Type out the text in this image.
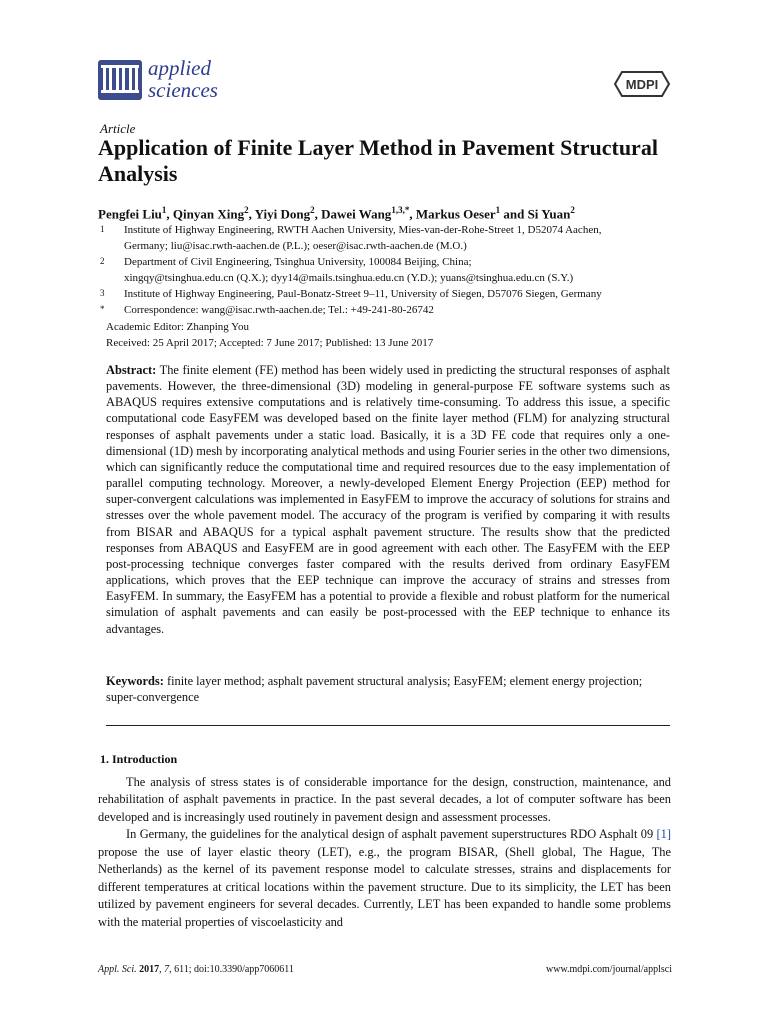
applied
sciences	MDPI
Article
Application of Finite Layer Method in Pavement Structural Analysis
Pengfei Liu$^1$, Qinyan Xing$^2$, Yiyi Dong$^2$, Dawei Wang$^{1,3,*}$, Markus Oeser$^1$ and Si Yuan$^2$
1	Institute of Highway Engineering, RWTH Aachen University, Mies-van-der-Rohe-Street 1, D52074 Aachen,
Germany; liu@isac.rwth-aachen.de (P.L.); oeser@isac.rwth-aachen.de (M.O.)
2	Department of Civil Engineering, Tsinghua University, 100084 Beijing, China;
xingqy@tsinghua.edu.cn (Q.X.); dyy14@mails.tsinghua.edu.cn (Y.D.); yuans@tsinghua.edu.cn (S.Y.)
3	Institute of Highway Engineering, Paul-Bonatz-Street 9–11, University of Siegen, D57076 Siegen, Germany
*	Correspondence: wang@isac.rwth-aachen.de; Tel.: +49-241-80-26742
Academic Editor: Zhanping You
Received: 25 April 2017; Accepted: 7 June 2017; Published: 13 June 2017
Abstract: The finite element (FE) method has been widely used in predicting the structural responses of asphalt pavements. However, the three-dimensional (3D) modeling in general-purpose FE software systems such as ABAQUS requires extensive computations and is relatively time-consuming. To address this issue, a specific computational code EasyFEM was developed based on the finite layer method (FLM) for analyzing structural responses of asphalt pavements under a static load. Basically, it is a 3D FE code that requires only a one-dimensional (1D) mesh by incorporating analytical methods and using Fourier series in the other two dimensions, which can significantly reduce the computational time and required resources due to the easy implementation of parallel computing technology. Moreover, a newly-developed Element Energy Projection (EEP) method for super-convergent calculations was implemented in EasyFEM to improve the accuracy of solutions for strains and stresses over the whole pavement model. The accuracy of the program is verified by comparing it with results from BISAR and ABAQUS for a typical asphalt pavement structure. The results show that the predicted responses from ABAQUS and EasyFEM are in good agreement with each other. The EasyFEM with the EEP post-processing technique converges faster compared with the results derived from ordinary EasyFEM applications, which proves that the EEP technique can improve the accuracy of strains and stresses from EasyFEM. In summary, the EasyFEM has a potential to provide a flexible and robust platform for the numerical simulation of asphalt pavements and can easily be post-processed with the EEP technique to enhance its advantages.
Keywords: finite layer method; asphalt pavement structural analysis; EasyFEM; element energy projection; super-convergence
1. Introduction

The analysis of stress states is of considerable importance for the design, construction, maintenance, and rehabilitation of asphalt pavements in practice. In the past several decades, a lot of computer software has been developed and is increasingly used routinely in pavement design and assessment processes.

In Germany, the guidelines for the analytical design of asphalt pavement superstructures RDO Asphalt 09 [1] propose the use of layer elastic theory (LET), e.g., the program BISAR, (Shell global, The Hague, The Netherlands) as the kernel of its pavement response model to calculate stresses, strains and displacements for different temperatures at critical locations within the pavement structure. Due to its simplicity, the LET has been utilized by pavement engineers for several decades. Currently, LET has been expanded to handle some problems with the material properties of viscoelasticity and

Appl. Sci. 2017, 7, 611; doi:10.3390/app7060611	www.mdpi.com/journal/applsci
